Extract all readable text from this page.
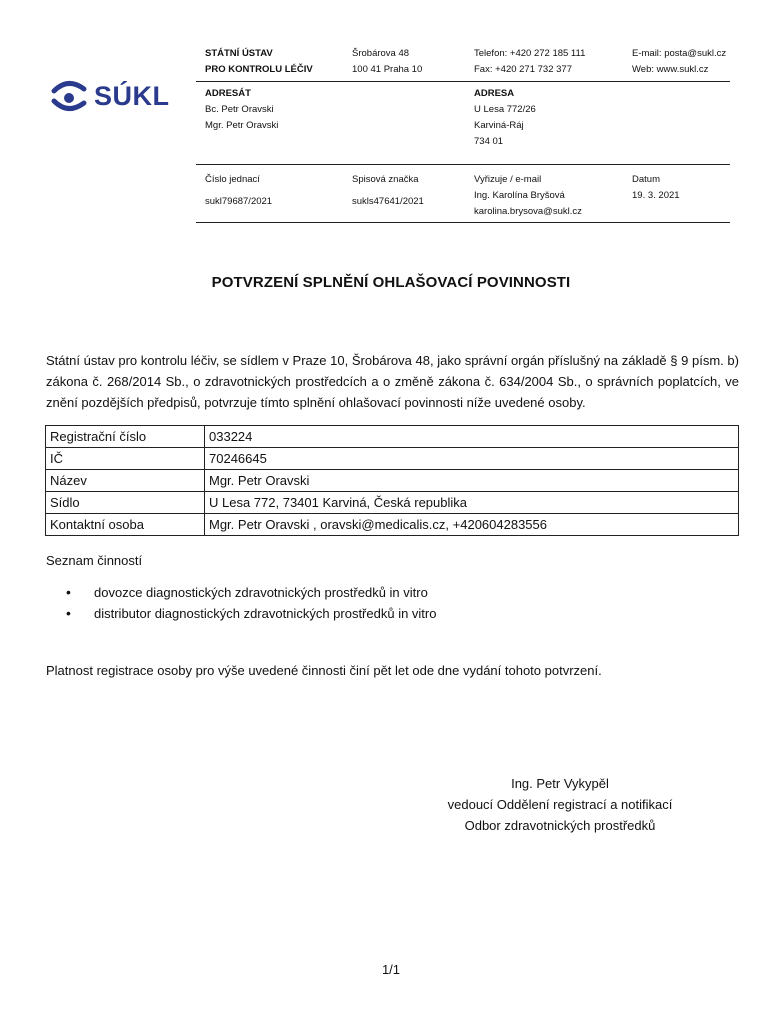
SÚKL
STÁTNÍ ÚSTAV
PRO KONTROLU LÉČIV
Šrobárova 48
100 41 Praha 10
Telefon: +420 272 185 111
Fax: +420 271 732 377
E-mail: posta@sukl.cz
Web: www.sukl.cz
ADRESÁT
Bc. Petr Oravski
Mgr. Petr Oravski
ADRESA
U Lesa 772/26
Karviná-Ráj
734 01
Číslo jednací
sukl79687/2021
Spisová značka
sukls47641/2021
Vyřizuje / e-mail
Ing. Karolína Bryšová
karolina.brysova@sukl.cz
Datum
19. 3. 2021
POTVRZENÍ SPLNĚNÍ OHLAŠOVACÍ POVINNOSTI
Státní ústav pro kontrolu léčiv, se sídlem v Praze 10, Šrobárova 48, jako správní orgán příslušný na základě § 9 písm. b) zákona č. 268/2014 Sb., o zdravotnických prostředcích a o změně zákona č. 634/2004 Sb., o správních poplatcích, ve znění pozdějších předpisů, potvrzuje tímto splnění ohlašovací povinnosti níže uvedené osoby.
Registrační číslo	033224
IČ	70246645
Název	Mgr. Petr Oravski
Sídlo	U Lesa 772, 73401 Karviná, Česká republika
Kontaktní osoba	Mgr. Petr Oravski , oravski@medicalis.cz, +420604283556
Seznam činností
• dovozce diagnostických zdravotnických prostředků in vitro
• distributor diagnostických zdravotnických prostředků in vitro
Platnost registrace osoby pro výše uvedené činnosti činí pět let ode dne vydání tohoto potvrzení.
Ing. Petr Vykypěl
vedoucí Oddělení registrací a notifikací
Odbor zdravotnických prostředků
1/1
